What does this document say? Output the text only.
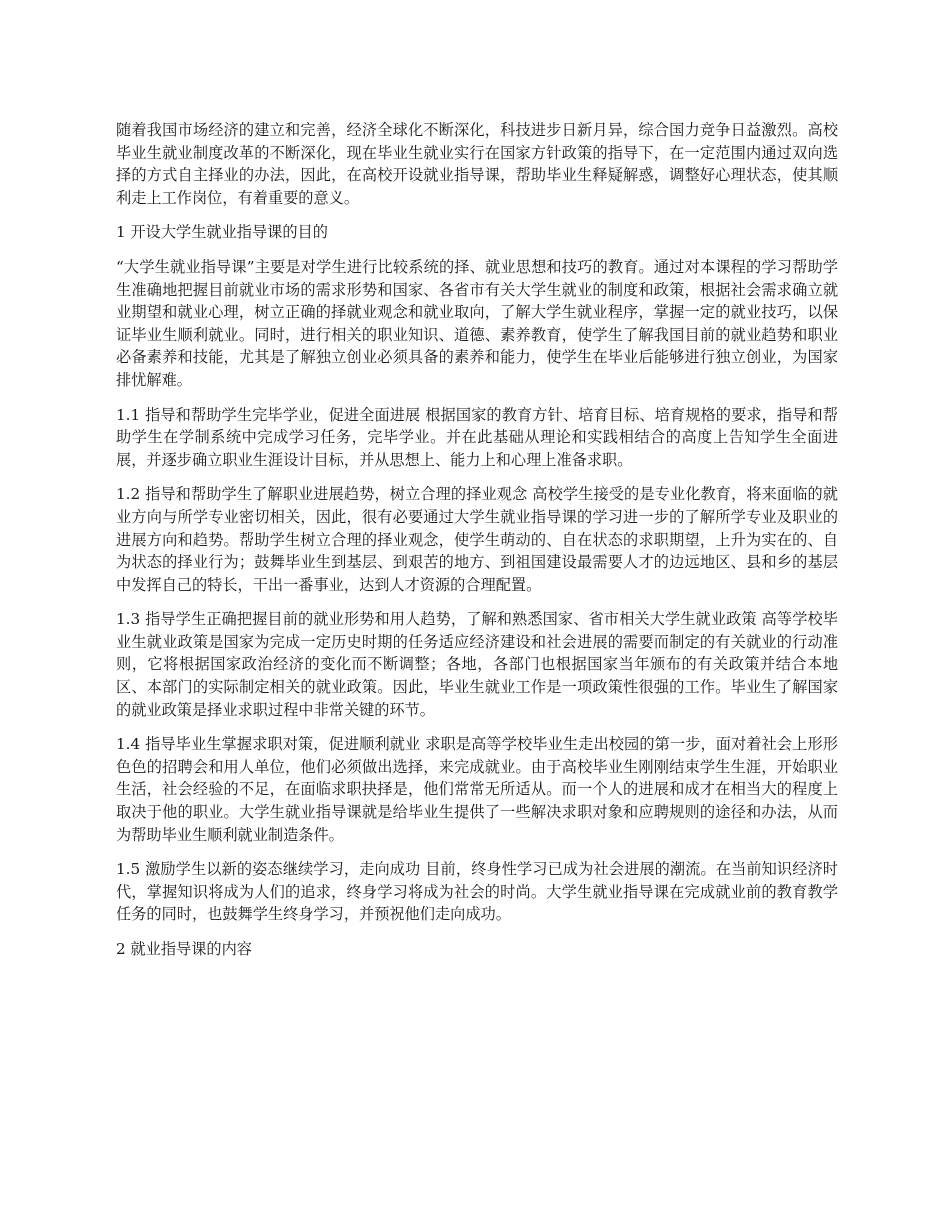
随着我国市场经济的建立和完善，经济全球化不断深化，科技进步日新月异，综合国力竞争日益激烈。高校毕业生就业制度改革的不断深化，现在毕业生就业实行在国家方针政策的指导下，在一定范围内通过双向选择的方式自主择业的办法，因此，在高校开设就业指导课，帮助毕业生释疑解惑，调整好心理状态，使其顺利走上工作岗位，有着重要的意义。

1 开设大学生就业指导课的目的

“大学生就业指导课”主要是对学生进行比较系统的择、就业思想和技巧的教育。通过对本课程的学习帮助学生准确地把握目前就业市场的需求形势和国家、各省市有关大学生就业的制度和政策，根据社会需求确立就业期望和就业心理，树立正确的择就业观念和就业取向，了解大学生就业程序，掌握一定的就业技巧，以保证毕业生顺利就业。同时，进行相关的职业知识、道德、素养教育，使学生了解我国目前的就业趋势和职业必备素养和技能，尤其是了解独立创业必须具备的素养和能力，使学生在毕业后能够进行独立创业，为国家排忧解难。

1.1 指导和帮助学生完毕学业，促进全面进展 根据国家的教育方针、培育目标、培育规格的要求，指导和帮助学生在学制系统中完成学习任务，完毕学业。并在此基础从理论和实践相结合的高度上告知学生全面进展，并逐步确立职业生涯设计目标，并从思想上、能力上和心理上准备求职。

1.2 指导和帮助学生了解职业进展趋势，树立合理的择业观念 高校学生接受的是专业化教育，将来面临的就业方向与所学专业密切相关，因此，很有必要通过大学生就业指导课的学习进一步的了解所学专业及职业的进展方向和趋势。帮助学生树立合理的择业观念，使学生萌动的、自在状态的求职期望，上升为实在的、自为状态的择业行为；鼓舞毕业生到基层、到艰苦的地方、到祖国建设最需要人才的边远地区、县和乡的基层中发挥自己的特长，干出一番事业，达到人才资源的合理配置。

1.3 指导学生正确把握目前的就业形势和用人趋势，了解和熟悉国家、省市相关大学生就业政策 高等学校毕业生就业政策是国家为完成一定历史时期的任务适应经济建设和社会进展的需要而制定的有关就业的行动准则，它将根据国家政治经济的变化而不断调整；各地，各部门也根据国家当年颁布的有关政策并结合本地区、本部门的实际制定相关的就业政策。因此，毕业生就业工作是一项政策性很强的工作。毕业生了解国家的就业政策是择业求职过程中非常关键的环节。

1.4 指导毕业生掌握求职对策，促进顺利就业 求职是高等学校毕业生走出校园的第一步，面对着社会上形形色色的招聘会和用人单位，他们必须做出选择，来完成就业。由于高校毕业生刚刚结束学生生涯，开始职业生活，社会经验的不足，在面临求职抉择是，他们常常无所适从。而一个人的进展和成才在相当大的程度上取决于他的职业。大学生就业指导课就是给毕业生提供了一些解决求职对象和应聘规则的途径和办法，从而为帮助毕业生顺利就业制造条件。

1.5 激励学生以新的姿态继续学习，走向成功 目前，终身性学习已成为社会进展的潮流。在当前知识经济时代，掌握知识将成为人们的追求，终身学习将成为社会的时尚。大学生就业指导课在完成就业前的教育教学任务的同时，也鼓舞学生终身学习，并预祝他们走向成功。

2 就业指导课的内容
